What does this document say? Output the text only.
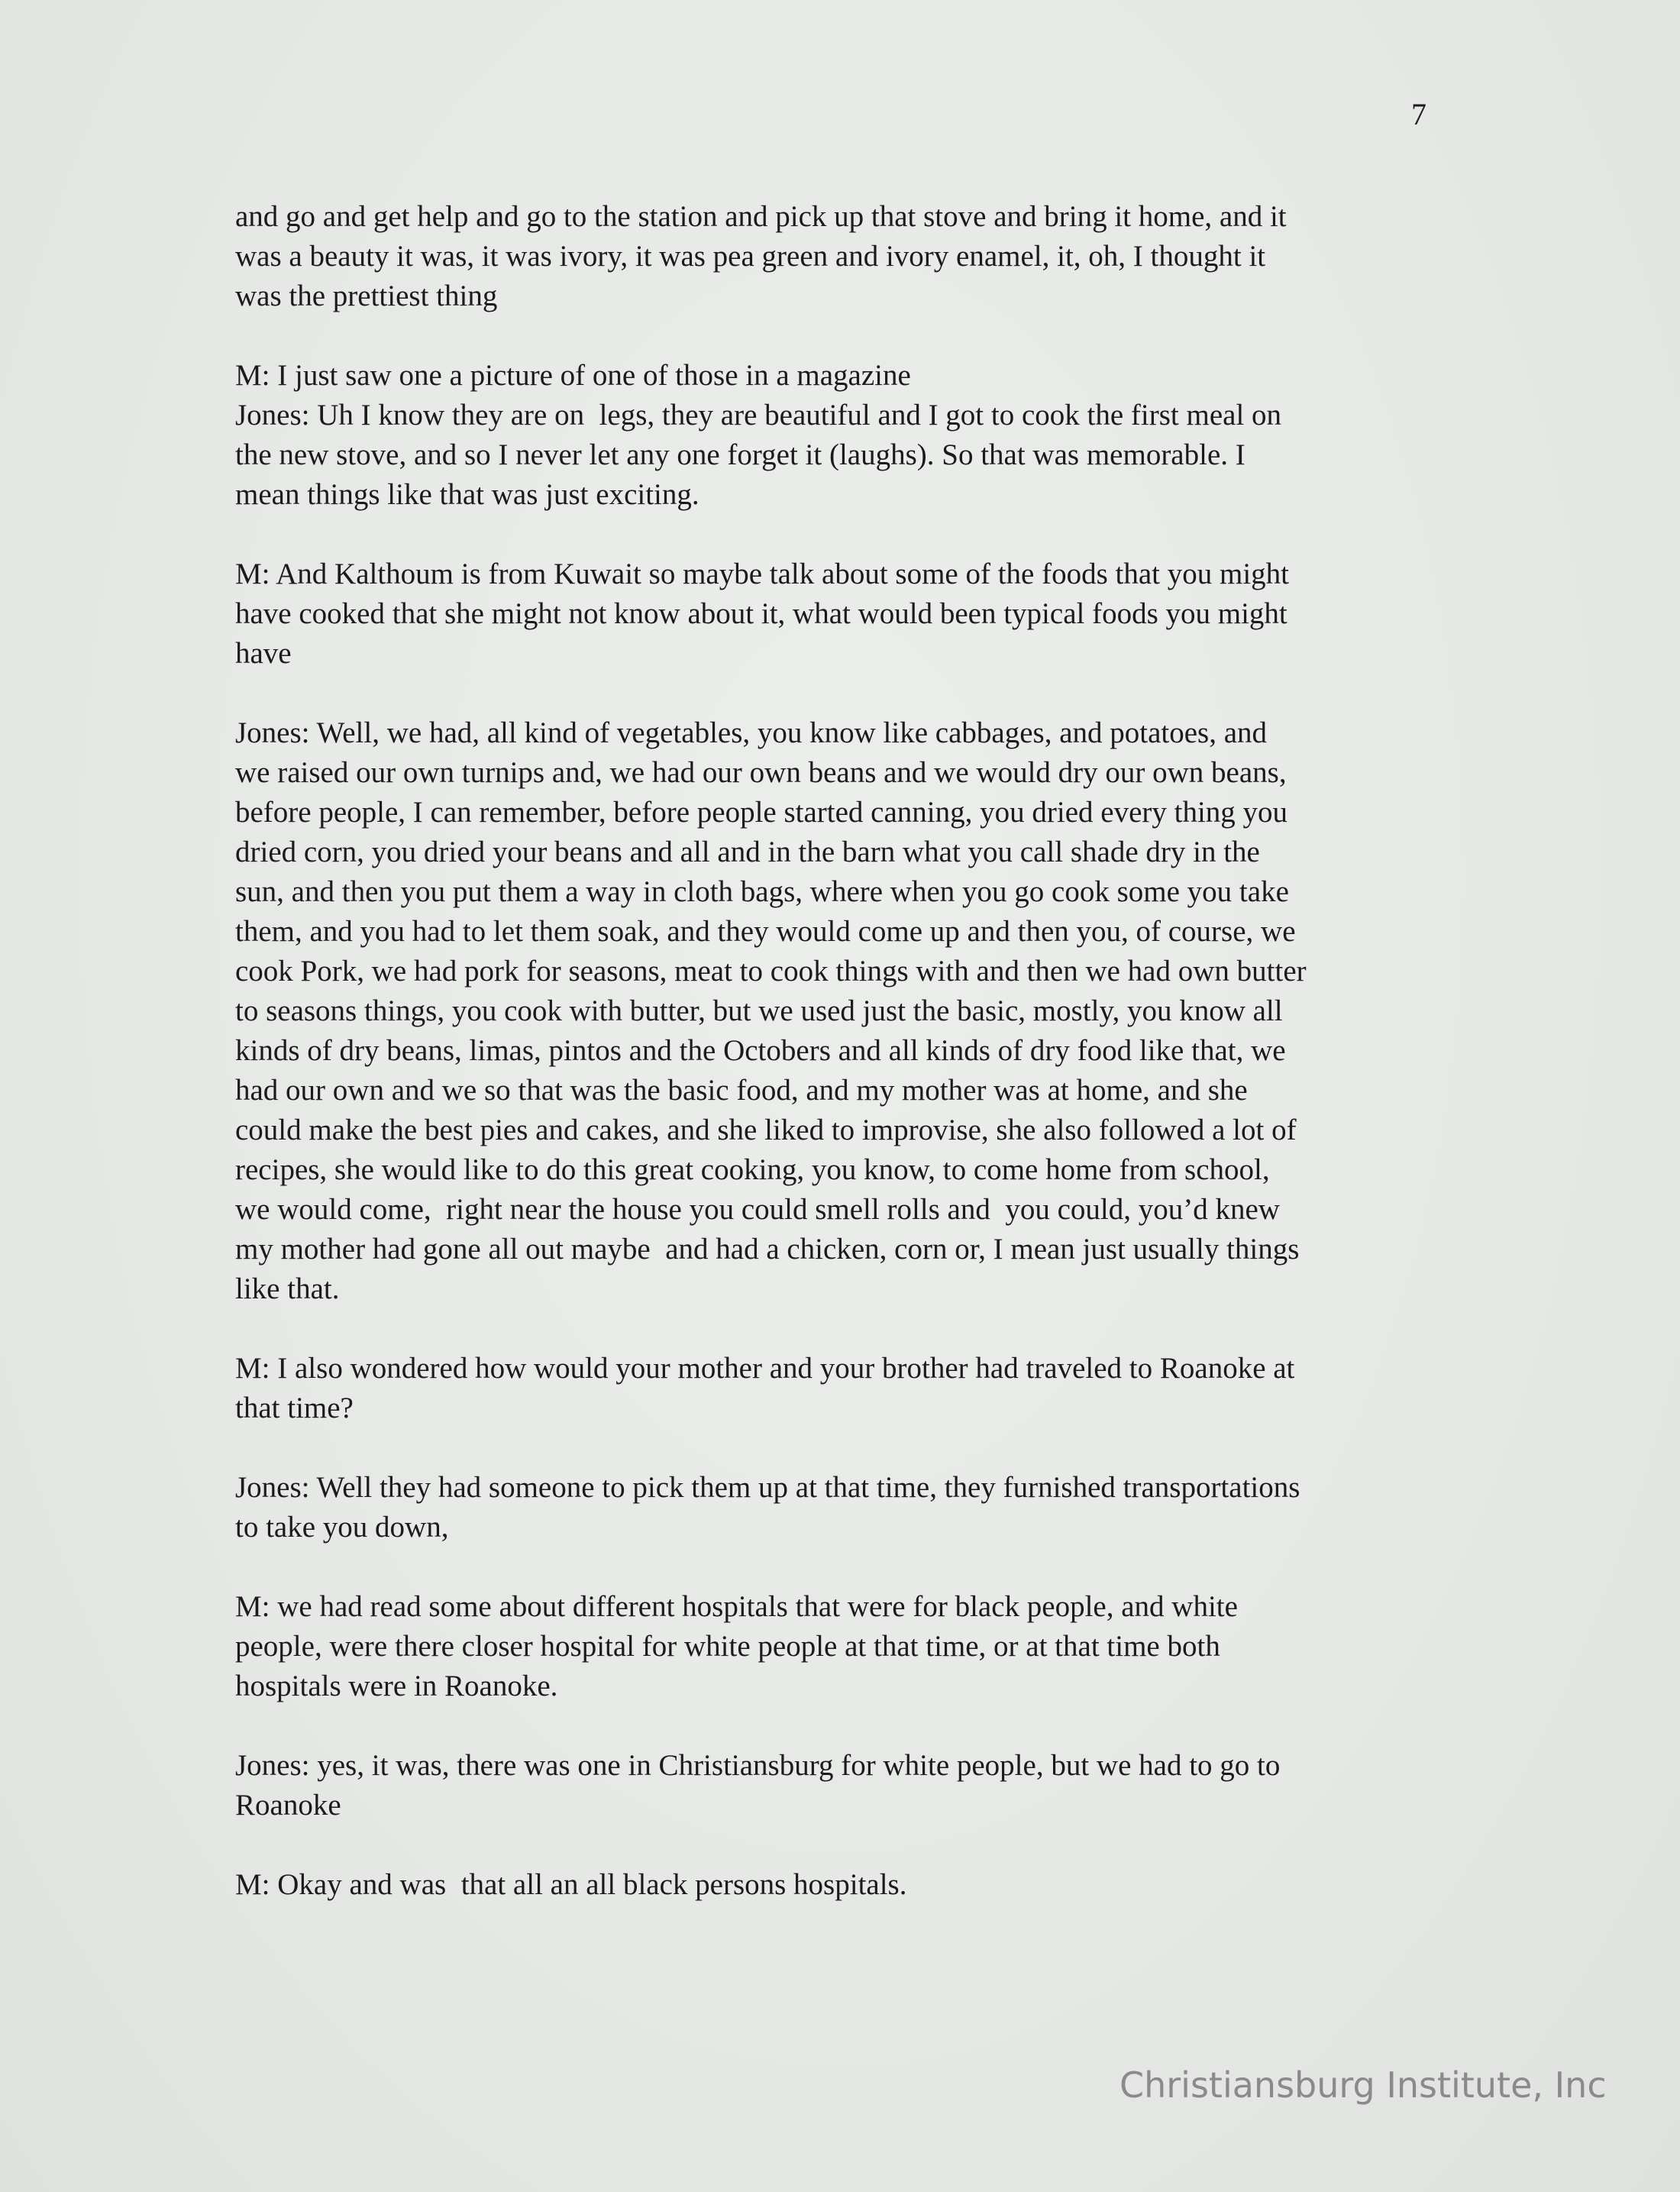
7
and go and get help and go to the station and pick up that stove and bring it home, and it
was a beauty it was, it was ivory, it was pea green and ivory enamel, it, oh, I thought it
was the prettiest thing
M: I just saw one a picture of one of those in a magazine
Jones: Uh I know they are on  legs, they are beautiful and I got to cook the first meal on
the new stove, and so I never let any one forget it (laughs). So that was memorable. I
mean things like that was just exciting.
M: And Kalthoum is from Kuwait so maybe talk about some of the foods that you might
have cooked that she might not know about it, what would been typical foods you might
have
Jones: Well, we had, all kind of vegetables, you know like cabbages, and potatoes, and
we raised our own turnips and, we had our own beans and we would dry our own beans,
before people, I can remember, before people started canning, you dried every thing you
dried corn, you dried your beans and all and in the barn what you call shade dry in the
sun, and then you put them a way in cloth bags, where when you go cook some you take
them, and you had to let them soak, and they would come up and then you, of course, we
cook Pork, we had pork for seasons, meat to cook things with and then we had own butter
to seasons things, you cook with butter, but we used just the basic, mostly, you know all
kinds of dry beans, limas, pintos and the Octobers and all kinds of dry food like that, we
had our own and we so that was the basic food, and my mother was at home, and she
could make the best pies and cakes, and she liked to improvise, she also followed a lot of
recipes, she would like to do this great cooking, you know, to come home from school,
we would come,  right near the house you could smell rolls and  you could, you’d knew
my mother had gone all out maybe  and had a chicken, corn or, I mean just usually things
like that.
M: I also wondered how would your mother and your brother had traveled to Roanoke at
that time?
Jones: Well they had someone to pick them up at that time, they furnished transportations
to take you down,
M: we had read some about different hospitals that were for black people, and white
people, were there closer hospital for white people at that time, or at that time both
hospitals were in Roanoke.
Jones: yes, it was, there was one in Christiansburg for white people, but we had to go to
Roanoke
M: Okay and was  that all an all black persons hospitals.
Christiansburg Institute, Inc
